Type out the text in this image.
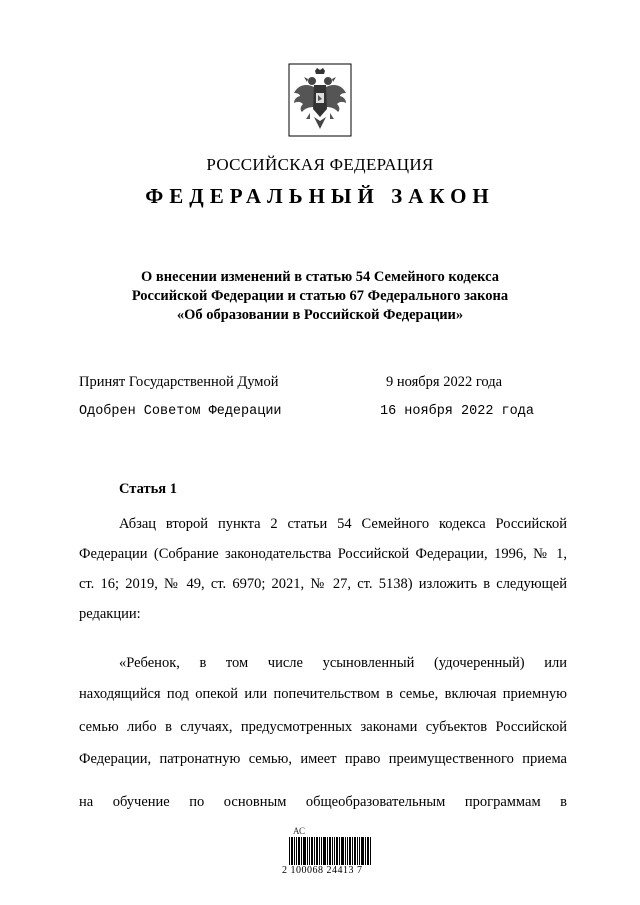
РОССИЙСКАЯ ФЕДЕРАЦИЯ
ФЕДЕРАЛЬНЫЙ ЗАКОН
О внесении изменений в статью 54 Семейного кодекса
Российской Федерации и статью 67 Федерального закона
«Об образовании в Российской Федерации»
Принят Государственной Думой	9 ноября 2022 года
Одобрен Советом Федерации	16 ноября 2022 года
Статья 1
Абзац второй пункта 2 статьи 54 Семейного кодекса Российской
Федерации (Собрание законодательства Российской Федерации, 1996, № 1,
ст. 16; 2019, № 49, ст. 6970; 2021, № 27, ст. 5138) изложить в следующей
редакции:
«Ребенок, в том числе усыновленный (удочеренный) или
находящийся под опекой или попечительством в семье, включая приемную
семью либо в случаях, предусмотренных законами субъектов Российской
Федерации, патронатную семью, имеет право преимущественного приема
на обучение по основным общеобразовательным программам в
АС
2 100068 24413 7
